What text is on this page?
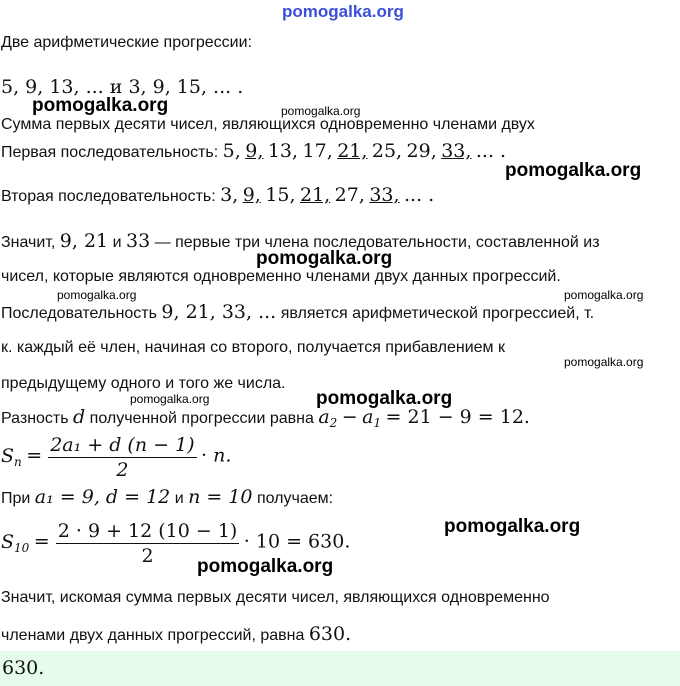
pomogalka.org
Две арифметические прогрессии:
5, 9, 13, ... и 3, 9, 15, ... .
Сумма первых десяти чисел, являющихся одновременно членами двух
Первая последовательность: 5, 9, 13, 17, 21, 25, 29, 33, ... .
Вторая последовательность: 3, 9, 15, 21, 27, 33, ... .
Значит, 9, 21 и 33 — первые три члена последовательности, составленной из
чисел, которые являются одновременно членами двух данных прогрессий.
Последовательность 9, 21, 33, ... является арифметической прогрессией, т.
к. каждый её член, начиная со второго, получается прибавлением к
предыдущему одного и того же числа.
Разность d полученной прогрессии равна $a_2 - a_1 = 21 - 9 = 12$.
$S_n = \frac{\text{2a₁ + d (n − 1)}}{2} \cdot n$.
При a₁ = 9, d = 12 и n = 10 получаем:
$S_{10} = \frac{2 \cdot 9 + 12 (10 - 1)}{2} \cdot 10 = 630$.
Значит, искомая сумма первых десяти чисел, являющихся одновременно
членами двух данных прогрессий, равна 630.
630.
pomogalka.org	pomogalka.org
pomogalka.org
pomogalka.org
pomogalka.org	pomogalka.org
pomogalka.org
pomogalka.org	pomogalka.org
pomogalka.org
pomogalka.org
